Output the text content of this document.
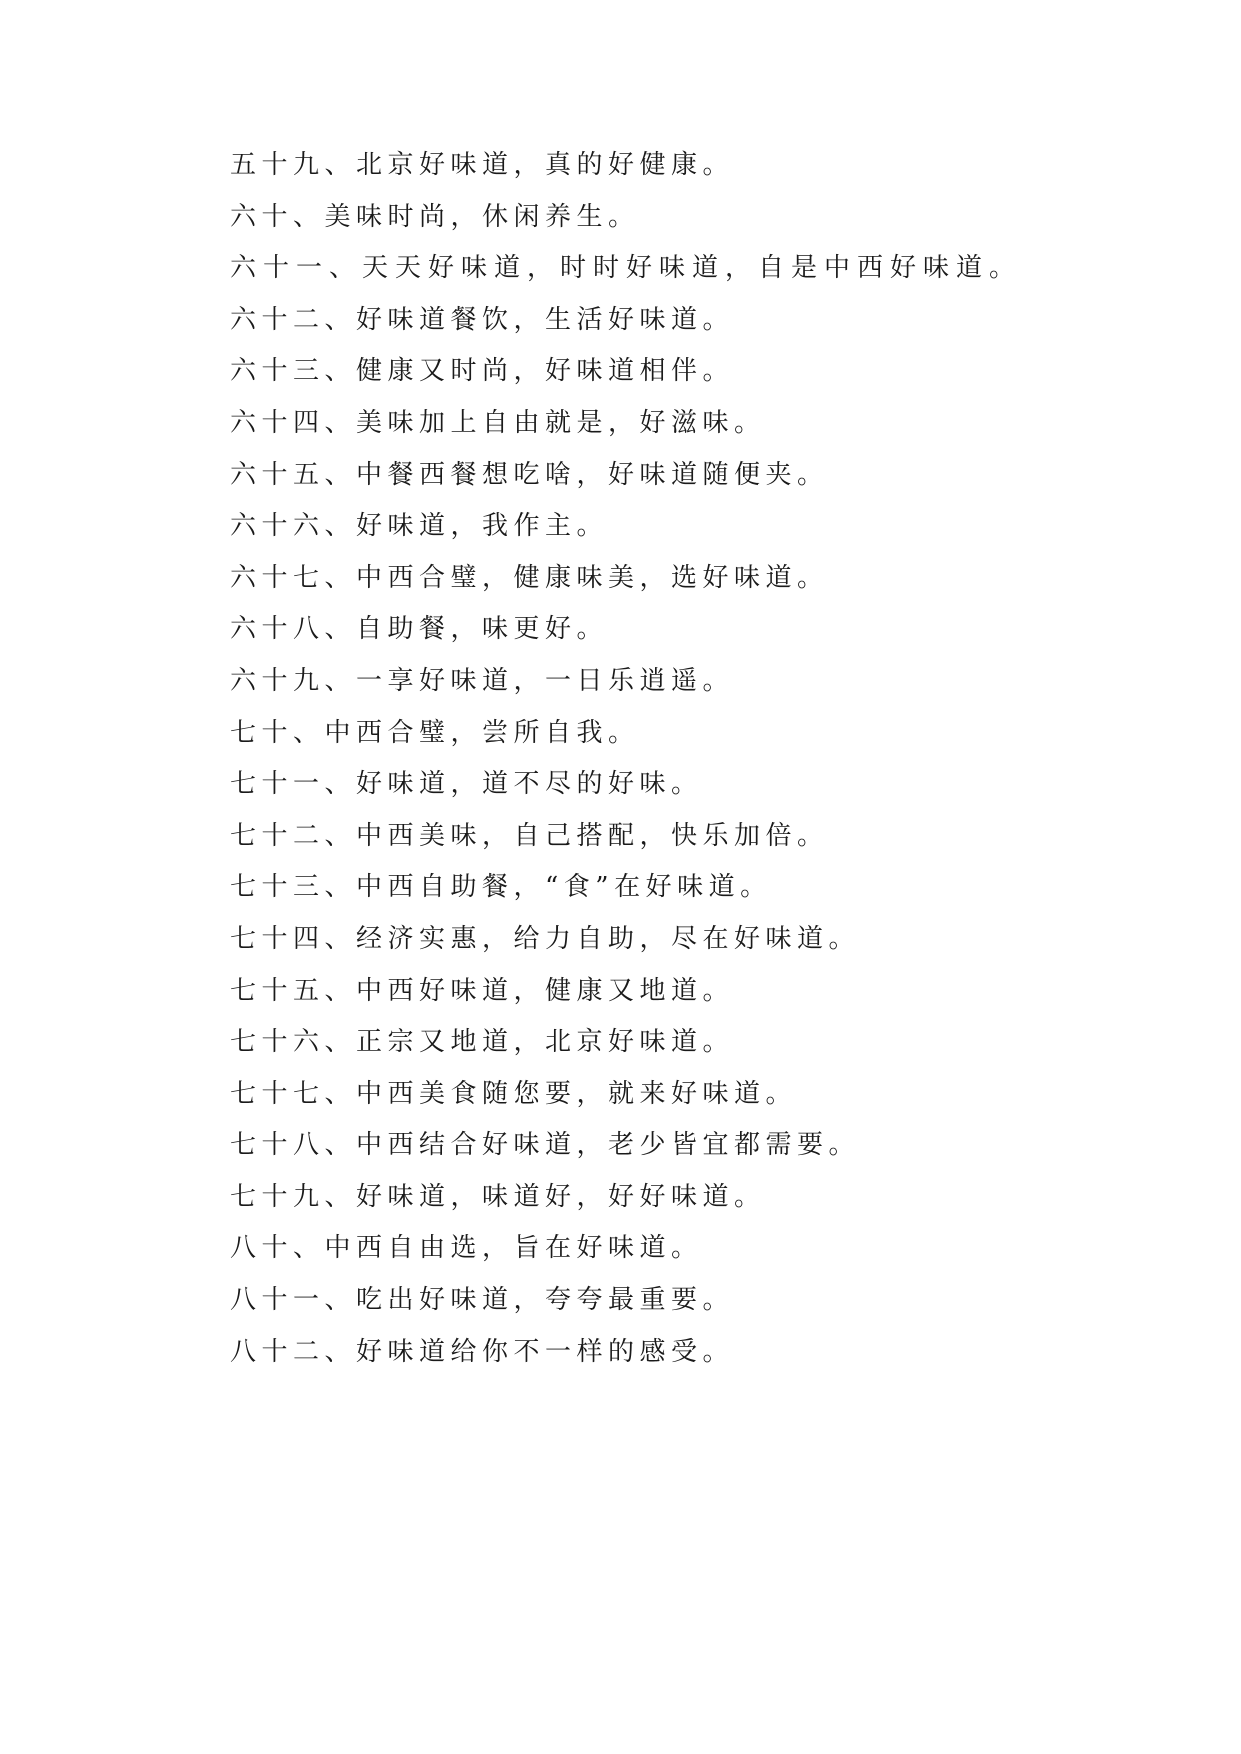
五十九、北京好味道，真的好健康。
六十、美味时尚，休闲养生。
六十一、天天好味道，时时好味道，自是中西好味道。
六十二、好味道餐饮，生活好味道。
六十三、健康又时尚，好味道相伴。
六十四、美味加上自由就是，好滋味。
六十五、中餐西餐想吃啥，好味道随便夹。
六十六、好味道，我作主。
六十七、中西合璧，健康味美，选好味道。
六十八、自助餐，味更好。
六十九、一享好味道，一日乐逍遥。
七十、中西合璧，尝所自我。
七十一、好味道，道不尽的好味。
七十二、中西美味，自己搭配，快乐加倍。
七十三、中西自助餐，“食”在好味道。
七十四、经济实惠，给力自助，尽在好味道。
七十五、中西好味道，健康又地道。
七十六、正宗又地道，北京好味道。
七十七、中西美食随您要，就来好味道。
七十八、中西结合好味道，老少皆宜都需要。
七十九、好味道，味道好，好好味道。
八十、中西自由选，旨在好味道。
八十一、吃出好味道，夸夸最重要。
八十二、好味道给你不一样的感受。
